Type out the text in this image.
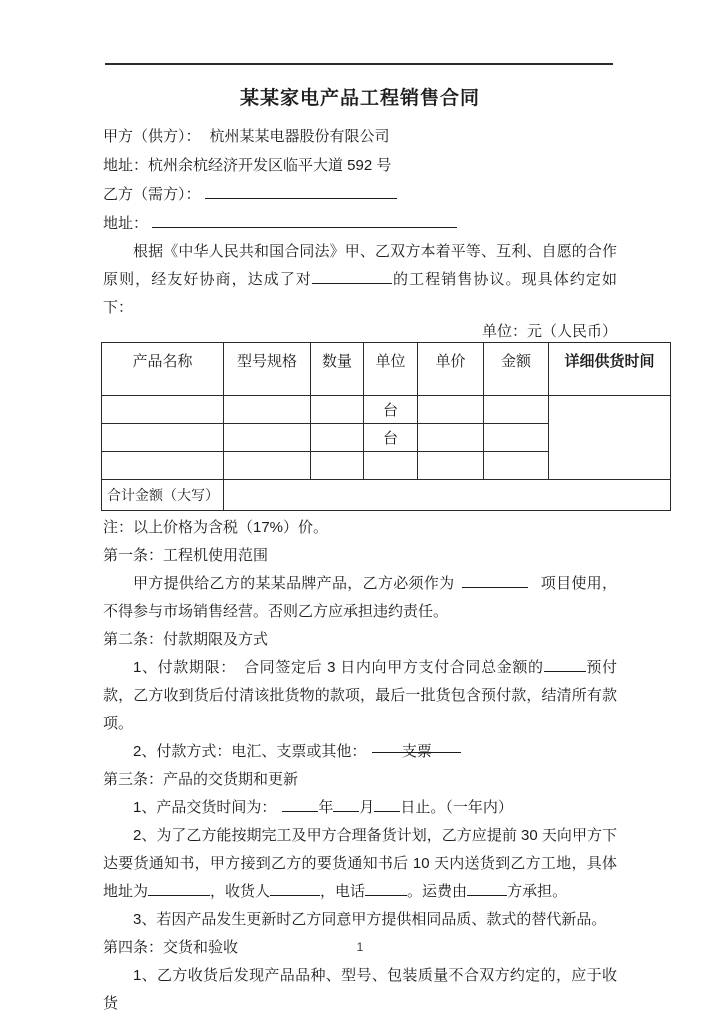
某某家电产品工程销售合同
甲方（供方）： 杭州某某电器股份有限公司
地址：杭州余杭经济开发区临平大道 592 号
乙方（需方）：
地址：
根据《中华人民共和国合同法》甲、乙双方本着平等、互利、自愿的合作原则，经友好协商，达成了对	的工程销售协议。现具体约定如下：
单位：元（人民币）
产品名称	型号规格	数量	单位	单价	金额	详细供货时间
			台			
			台			

合计金额（大写）						
注：以上价格为含税（17%）价。
第一条：工程机使用范围
甲方提供给乙方的某某品牌产品，乙方必须作为	项目使用，不得参与市场销售经营。否则乙方应承担违约责任。
第二条：付款期限及方式
1、付款期限：　合同签定后 3 日内向甲方支付合同总金额的	预付款，乙方收到货后付清该批货物的款项，最后一批货包含预付款，结清所有款项。
2、付款方式：电汇、支票或其他： 支票
第三条：产品的交货期和更新
1、产品交货时间为：	年 月 日止。（一年内）
2、为了乙方能按期完工及甲方合理备货计划，乙方应提前 30 天向甲方下达要货通知书，甲方接到乙方的要货通知书后 10 天内送货到乙方工地，具体地址为	，收货人	，电话	。运费由	方承担。
3、若因产品发生更新时乙方同意甲方提供相同品质、款式的替代新品。
第四条：交货和验收
1、乙方收货后发现产品品种、型号、包装质量不合双方约定的，应于收货
1
